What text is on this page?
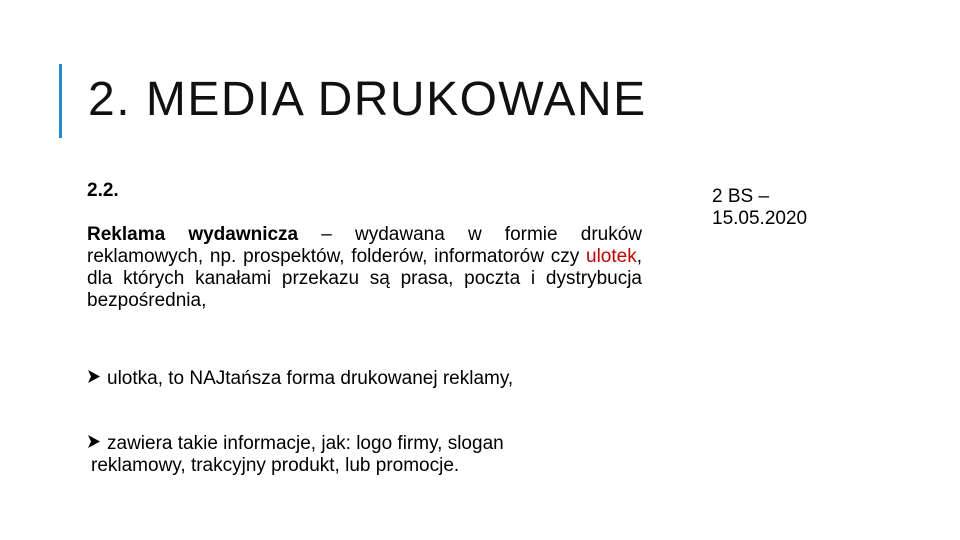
2. MEDIA DRUKOWANE
2.2.

Reklama wydawnicza – wydawana w formie druków reklamowych, np. prospektów, folderów, informatorów czy ulotek, dla których kanałami przekazu są prasa, poczta i dystrybucja bezpośrednia,

ulotka, to NAJtańsza forma drukowanej reklamy,
zawiera takie informacje, jak: logo firmy, slogan
reklamowy, trakcyjny produkt, lub promocje.
2 BS –
15.05.2020
